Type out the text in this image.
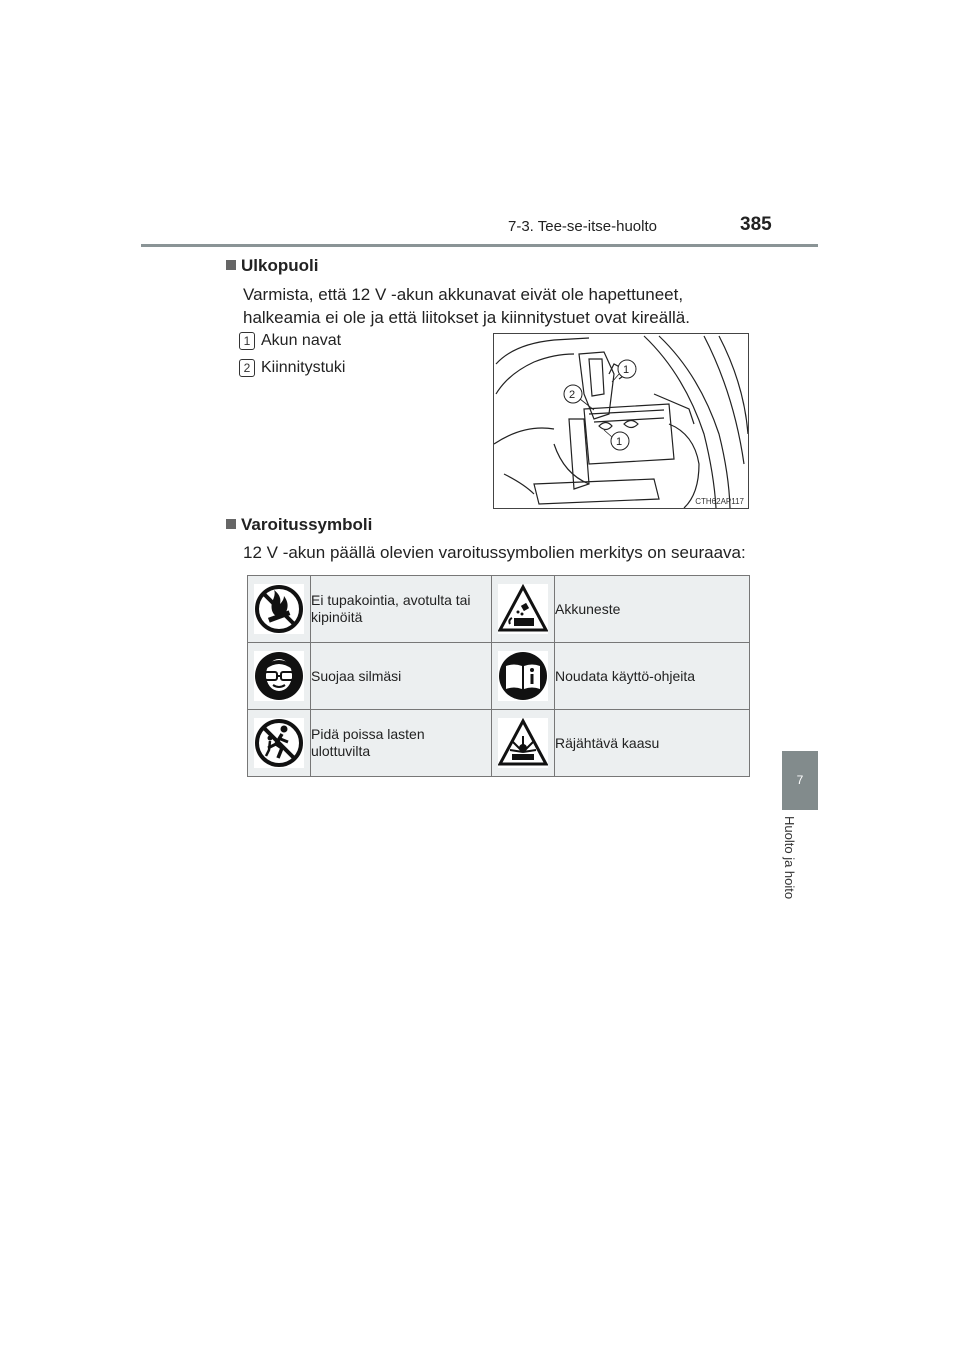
7-3. Tee-se-itse-huolto	385
7
Huolto ja hoito
Ulkopuoli
Varmista, että 12 V -akun akkunavat eivät ole hapettuneet, halkeamia ei ole ja että liitokset ja kiinnitystuet ovat kireällä.
1 Akun navat
2 Kiinnitystuki	1
2
1
CTH62AP117
Varoitussymboli
12 V -akun päällä olevien varoitussymbolien merkitys on seuraava:
	Ei tupakointia, avotulta tai kipinöitä		Akkuneste
	Suojaa silmäsi		Noudata käyttö-ohjeita
	Pidä poissa lasten ulottuvilta		Räjähtävä kaasu
